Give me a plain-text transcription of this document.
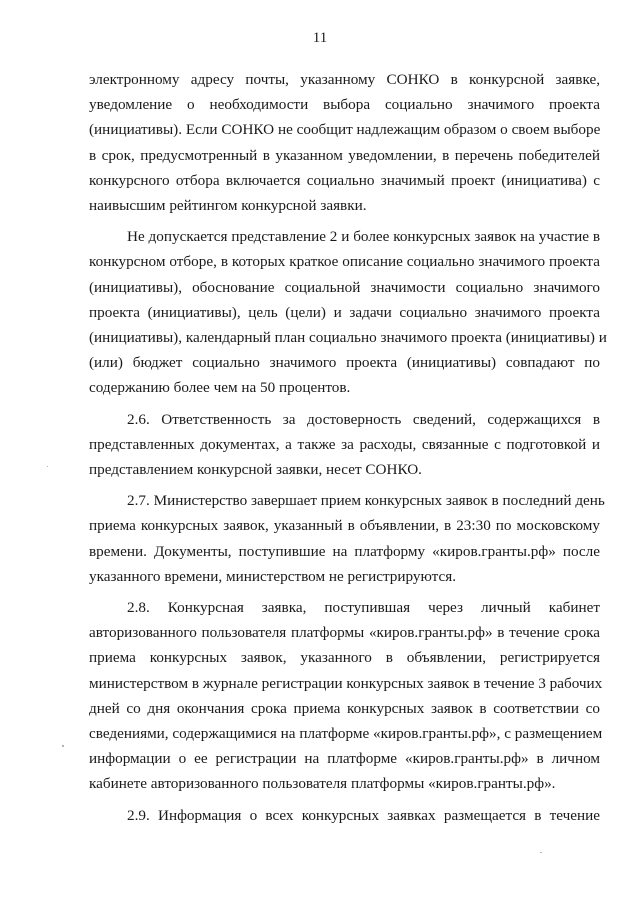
11

электронному адресу почты, указанному СОНКО в конкурсной заявке,
уведомление о необходимости выбора социально значимого проекта
(инициативы). Если СОНКО не сообщит надлежащим образом о своем выборе
в срок, предусмотренный в указанном уведомлении, в перечень победителей
конкурсного отбора включается социально значимый проект (инициатива) с
наивысшим рейтингом конкурсной заявки.

Не допускается представление 2 и более конкурсных заявок на участие в
конкурсном отборе, в которых краткое описание социально значимого проекта
(инициативы), обоснование социальной значимости социально значимого
проекта (инициативы), цель (цели) и задачи социально значимого проекта
(инициативы), календарный план социально значимого проекта (инициативы) и
(или) бюджет социально значимого проекта (инициативы) совпадают по
содержанию более чем на 50 процентов.

2.6. Ответственность за достоверность сведений, содержащихся в
представленных документах, а также за расходы, связанные с подготовкой и
представлением конкурсной заявки, несет СОНКО.

2.7. Министерство завершает прием конкурсных заявок в последний день
приема конкурсных заявок, указанный в объявлении, в 23:30 по московскому
времени. Документы, поступившие на платформу «киров.гранты.рф» после
указанного времени, министерством не регистрируются.

2.8. Конкурсная заявка, поступившая через личный кабинет
авторизованного пользователя платформы «киров.гранты.рф» в течение срока
приема конкурсных заявок, указанного в объявлении, регистрируется
министерством в журнале регистрации конкурсных заявок в течение 3 рабочих
дней со дня окончания срока приема конкурсных заявок в соответствии со
сведениями, содержащимися на платформе «киров.гранты.рф», с размещением
информации о ее регистрации на платформе «киров.гранты.рф» в личном
кабинете авторизованного пользователя платформы «киров.гранты.рф».

2.9. Информация о всех конкурсных заявках размещается в течение
